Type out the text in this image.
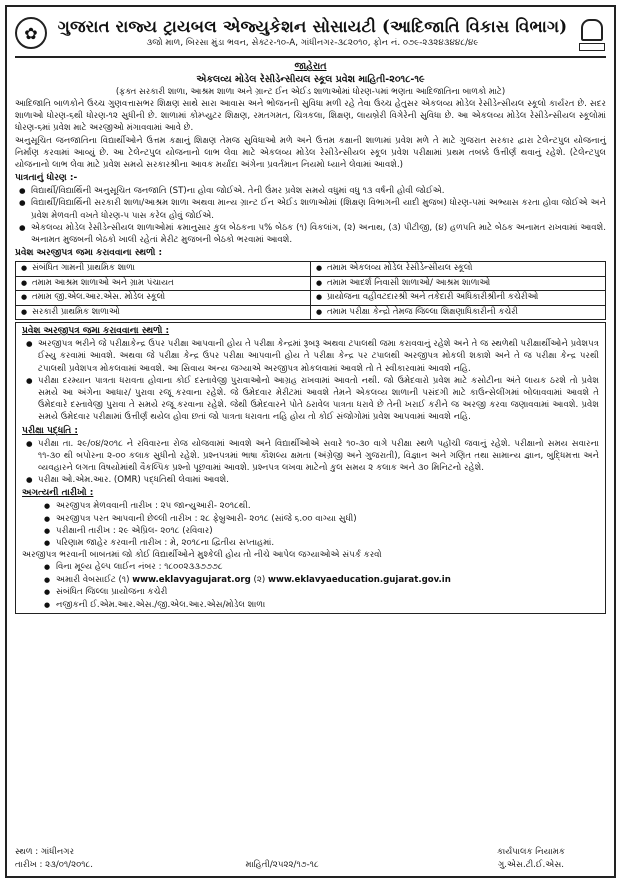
✿	ગુજરાત રાજ્ય ટ્રાયબલ એજ્યુકેશન સોસાયટી (આદિજાતિ વિકાસ વિભાગ)
૩જો માળ, બિરસા મુંડા ભવન, સેક્ટર-૧૦-A, ગાંધીનગર-૩૮૨૦૧૦, ફોન નં. ૦૭૯-૨૩૨૪૩૪૪૮/૪૯
જાહેરાત
એકલવ્ય મોડેલ રેસીડેન્સીયલ સ્કૂલ પ્રવેશ માહિતી-૨૦૧૮-૧૯
(ફક્ત સરકારી શાળા, આશ્રમ શાળા અને ગ્રાન્ટ ઈન એઈડ શાળાઓમાં ધોરણ-૫માં ભણતા આદિજાતિના બાળકો માટે)

આદિજાતિ બાળકોને ઉચ્ચ ગુણવત્તાસભર શિક્ષણ સાથે સારા આવાસ અને ભોજનની સુવિધા મળી રહે તેવા ઉચ્ચ હેતુસર એકલવ્ય મોડેલ રેસીડેન્સીયલ સ્કૂલો કાર્યરત છે. સદર શાળાઓ ધોરણ-૬થી ધોરણ-૧૨ સુધીની છે. શાળામાં કોમ્પ્યુટર શિક્ષણ, રમતગમત, ચિત્રકલા, શિક્ષણ, લાયબ્રેરી વિગેરેની સુવિધા છે. આ એકલવ્ય મોડેલ રેસીડેન્સીયલ સ્કૂલોમાં ધોરણ-૬માં પ્રવેશ માટે અરજીઓ મંગાવવામાં આવે છે.

અનુસૂચિત જનજાતિના વિદ્યાર્થીઓને ઉત્તમ કક્ષાનું શિક્ષણ તેમજ સુવિધાઓ મળે અને ઉત્તમ કક્ષાની શાળામાં પ્રવેશ મળે તે માટે ગુજરાત સરકાર દ્વારા ટેલેન્ટપુલ યોજનાનું નિર્માણ કરવામાં આવ્યું છે. આ ટેલેન્ટપુલ યોજનાનો લાભ લેવા માટે એકલવ્ય મોડેલ રેસીડેન્સીયલ સ્કૂલ પ્રવેશ પરીક્ષામાં પ્રથમ તબક્કે ઉત્તીર્ણ થવાનું રહેશે. (ટેલેન્ટપુલ યોજનાનો લાભ લેવા માટે પ્રવેશ સમયે સરકારશ્રીના આવક મર્યાદા અંગેના પ્રવર્તમાન નિયમો ધ્યાને લેવામાં આવશે.)

પાત્રતાનું ધોરણ :-
● વિદ્યાર્થી/વિદ્યાર્થિની અનુસૂચિત જનજાતિ (ST)ના હોવા જોઈએ. તેની ઉંમર પ્રવેશ સમયે વધુમાં વધુ ૧૩ વર્ષની હોવી જોઈએ.
● વિદ્યાર્થી/વિદ્યાર્થિની સરકારી શાળા/આશ્રમ શાળા અથવા માન્ય ગ્રાન્ટ ઈન એઈડ શાળાઓમાં (શિક્ષણ વિભાગની યાદી મુજબ) ધોરણ-૫માં અભ્યાસ કરતા હોવા જોઈએ અને પ્રવેશ મેળવતી વખતે ધોરણ-૫ પાસ કરેલ હોવું જોઈએ.
● એકલવ્ય મોડેલ રેસીડેન્સીયલ શાળાઓમાં ક્રમાનુસાર કુલ બેઠકના ૫% બેઠક (૧) વિકલાંગ, (૨) અનાથ, (૩) પીટીજી, (૪) હળપતિ માટે બેઠક અનામત રાખવામાં આવશે. અનામત મુજબની બેઠકો ખાલી રહેતાં મેરીટ મુજબની બેઠકો ભરવામાં આવશે.
પ્રવેશ અરજીપત્ર જમા કરાવવાના સ્થળો :
● સંબંધિત ગામની પ્રાથમિક શાળા	● તમામ એકલવ્ય મોડેલ રેસીડેન્સીયલ સ્કૂલો
● તમામ આશ્રમ શાળાઓ અને ગ્રામ પંચાયત	● તમામ આદર્શ નિવાસી શાળાઓ/ આશ્રમ શાળાઓ
● તમામ જી.એલ.આર.એસ. મોડેલ સ્કૂલો	● પ્રાયોજના વહીવટદારશ્રી અને તકેદારી અધિકારીશ્રીની કચેરીઓ
● સરકારી પ્રાથમિક શાળાઓ	● તમામ પરીક્ષા કેન્દ્રો તેમજ જિલ્લા શિક્ષણાધિકારીની કચેરી
પ્રવેશ અરજીપત્ર જમા કરાવવાના સ્થળો :
● અરજીપત્ર ભરીને જે પરીક્ષાકેન્દ્ર ઉપર પરીક્ષા આપવાની હોય તે પરીક્ષા કેન્દ્રમાં રૂબરૂ અથવા ટપાલથી જમા કરાવવાનું રહેશે અને તે જ સ્થળેથી પરીક્ષાર્થીઓને પ્રવેશપત્ર ઈસ્યુ કરવામાં આવશે. અથવા જે પરીક્ષા કેન્દ્ર ઉપર પરીક્ષા આપવાની હોય તે પરીક્ષા કેન્દ્ર પર ટપાલથી અરજીપત્ર મોકલી શકાશે અને તે જ પરીક્ષા કેન્દ્ર પરથી ટપાલથી પ્રવેશપત્ર મોકલવામાં આવશે. આ સિવાય અન્ય જગ્યાએ અરજીપત્ર મોકલવામાં આવશે તો તે સ્વીકારવામાં આવશે નહિ.
● પરીક્ષા દરમ્યાન પાત્રતા ધરાવતા હોવાના કોઈ દસ્તાવેજી પુરાવાઓનો આગ્રહ રાખવામાં આવતો નથી. જો ઉમેદવારો પ્રવેશ માટે કસોટીના અંતે લાયક ઠરશે તો પ્રવેશ સમયે આ અંગેના આધાર/ પુરાવા રજૂ કરવાના રહેશે. જે ઉમેદવાર મેરીટમાં આવશે તેમને એકલવ્ય શાળાની પસંદગી માટે કાઉન્સેલીંગમાં બોલાવવામાં આવશે તે ઉમેદવારે દસ્તાવેજી પુરાવા તે સમયે રજૂ કરવાના રહેશે. જેથી ઉમેદવારને પોતે ઠરાવેલ પાત્રતા ધરાવે છે તેની ખરાઈ કરીને જ અરજી કરવા જણાવવામાં આવશે. પ્રવેશ સમયે ઉમેદવાર પરીક્ષામાં ઉત્તીર્ણ થયેલ હોવા છતાં જો પાત્રતા ધરાવતા નહિ હોય તો કોઈ સંજોગોમાં પ્રવેશ આપવામાં આવશે નહિ.
પરીક્ષા પદ્ધતિ :
● પરીક્ષા તા. ૨૯/૦૪/૨૦૧૮ ને રવિવારના રોજ યોજવામાં આવશે અને વિદ્યાર્થીઓએ સવારે ૧૦-૩૦ વાગે પરીક્ષા સ્થળે પહોંચી જવાનું રહેશે. પરીક્ષાનો સમય સવારના ૧૧-૩૦ થી બપોરના ૨-૦૦ કલાક સુધીનો રહેશે. પ્રશ્નપત્રમાં ભાષા કૌશલ્ય ક્ષમતા (અંગ્રેજી અને ગુજરાતી), વિજ્ઞાન અને ગણિત તથા સામાન્ય જ્ઞાન, બુદ્ધિમત્તા અને વ્યવહારને લગતા વિષયોમાંથી વૈકલ્પિક પ્રશ્નો પૂછવામાં આવશે. પ્રશ્નપત્ર લખવા માટેનો કુલ સમય ૨ કલાક અને ૩૦ મિનિટનો રહેશે.
● પરીક્ષા ઓ.એમ.આર. (OMR) પદ્ધતિથી લેવામાં આવશે.
અગત્યની તારીખો :
● અરજીપત્ર મેળવવાની તારીખ : ૨૫ જાન્યુઆરી- ૨૦૧૮થી.
● અરજીપત્ર પરત આપવાની છેલ્લી તારીખ : ૨૮ ફેબ્રુઆરી- ૨૦૧૮ (સાંજે ૬.૦૦ વાગ્યા સુધી)
● પરીક્ષાની તારીખ : ૨૯ એપ્રિલ- ૨૦૧૮ (રવિવાર)
● પરિણામ જાહેર કરવાની તારીખ : મે, ૨૦૧૮ના દ્વિતીય સપ્તાહમાં.

અરજીપત્ર ભરવાની બાબતમાં જો કોઈ વિદ્યાર્થીઓને મુશ્કેલી હોય તો નીચે આપેલ જગ્યાઓએ સંપર્ક કરવો

● વિના મૂલ્ય હેલ્પ લાઈન નંબર : ૧૮૦૦૨૩૩૭૭૭૮
● અમારી વેબસાઈટ (૧) www.eklavyagujarat.org (૨) www.eklavyaeducation.gujarat.gov.in
● સંબંધિત જિલ્લા પ્રાયોજના કચેરી
● નજીકની ઈ.એમ.આર.એસ./જી.એલ.આર.એસ/મોડેલ શાળા
સ્થળ : ગાંધીનગર	કાર્યપાલક નિયામક
તારીખ : ૨૩/૦૧/૨૦૧૮.	માહિતી/૨૫૨૨/૧૭-૧૮	ગુ.એસ.ટી.ઈ.એસ.
